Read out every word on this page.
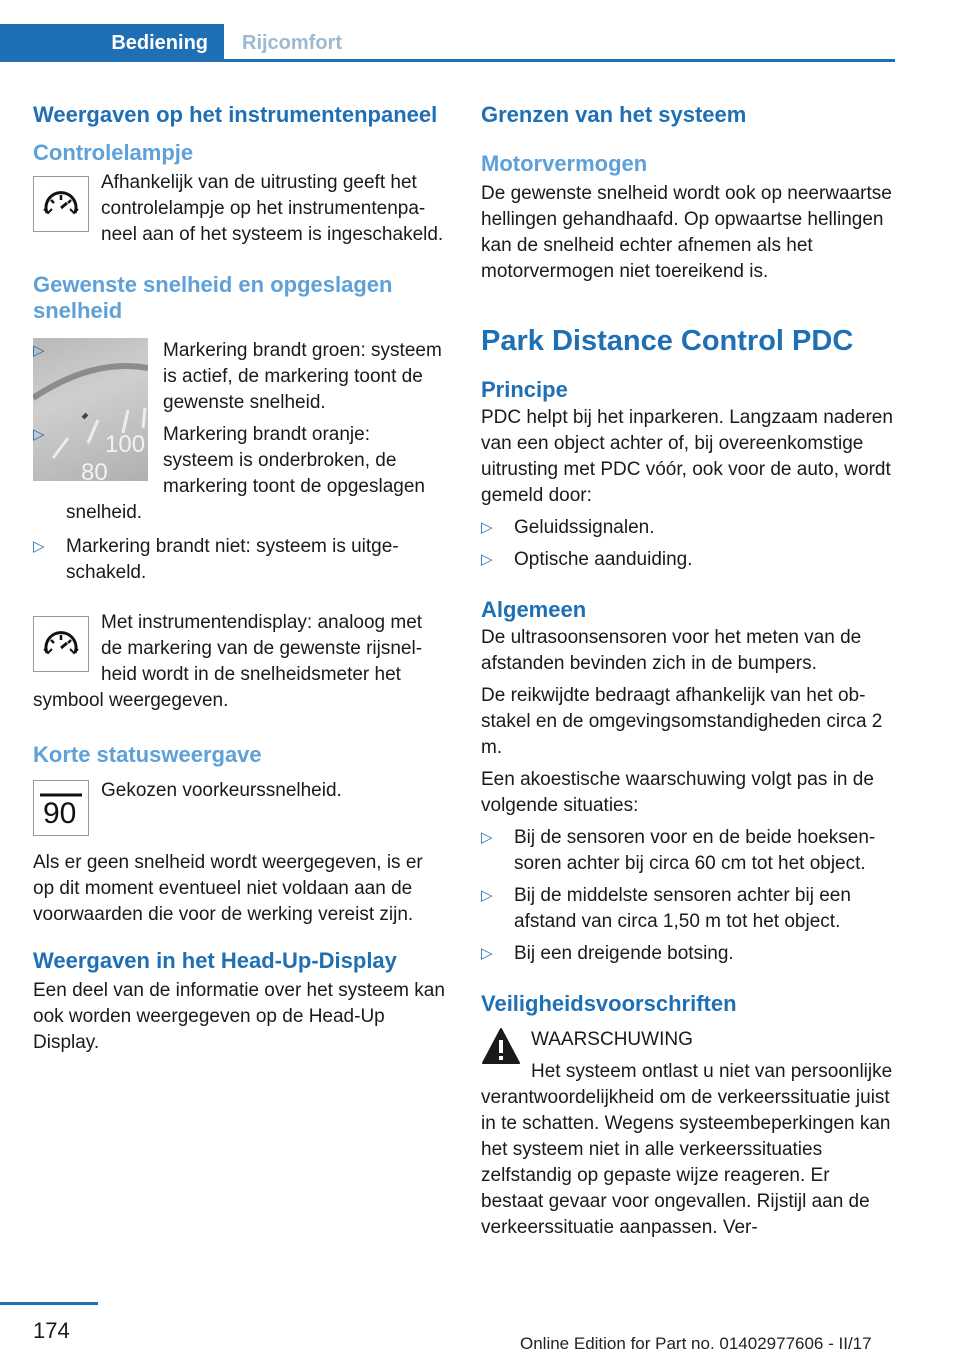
Bediening	Rijcomfort
Weergaven op het instrumentenpaneel
Controlelampje

Afhankelijk van de uitrusting geeft het controlelampje op het instrumentenpaneel aan of het systeem is ingeschakeld.

Gewenste snelheid en opgeslagen snelheid
100
80
▷	Markering brandt groen: systeem is actief, de markering toont de gewenste snelheid.
▷	Markering brandt oranje: systeem is onderbroken, de markering toont de opgeslagen snelheid.
▷ Markering brandt niet: systeem is uitgeschakeld.

Met instrumentendisplay: analoog met de markering van de gewenste rijsnelheid wordt in de snelheidsmeter het symbool weergegeven.

Korte statusweergave
90

Gekozen voorkeurssnelheid.

Als er geen snelheid wordt weergegeven, is er op dit moment eventueel niet voldaan aan de voorwaarden die voor de werking vereist zijn.

Weergaven in het Head-Up-Display

Een deel van de informatie over het systeem kan ook worden weergegeven op de Head-Up Display.

Grenzen van het systeem
Motorvermogen

De gewenste snelheid wordt ook op neerwaartse hellingen gehandhaafd. Op opwaartse hellingen kan de snelheid echter afnemen als het motorvermogen niet toereikend is.

Park Distance Control PDC
Principe

PDC helpt bij het inparkeren. Langzaam naderen van een object achter of, bij overeenkomstige uitrusting met PDC vóór, ook voor de auto, wordt gemeld door:

▷ Geluidssignalen.
▷ Optische aanduiding.
Algemeen

De ultrasoonsensoren voor het meten van de afstanden bevinden zich in de bumpers.

De reikwijdte bedraagt afhankelijk van het obstakel en de omgevingsomstandigheden circa 2 m.

Een akoestische waarschuwing volgt pas in de volgende situaties:

▷ Bij de sensoren voor en de beide hoeksensoren achter bij circa 60 cm tot het object.
▷ Bij de middelste sensoren achter bij een afstand van circa 1,50 m tot het object.
▷ Bij een dreigende botsing.
Veiligheidsvoorschriften

WAARSCHUWING

Het systeem ontlast u niet van persoonlijke verantwoordelijkheid om de verkeerssituatie juist in te schatten. Wegens systeembeperkingen kan het systeem niet in alle verkeerssituaties zelfstandig op gepaste wijze reageren. Er bestaat gevaar voor ongevallen. Rijstijl aan de verkeerssituatie aanpassen. Ver-

174
Online Edition for Part no. 01402977606 - II/17
